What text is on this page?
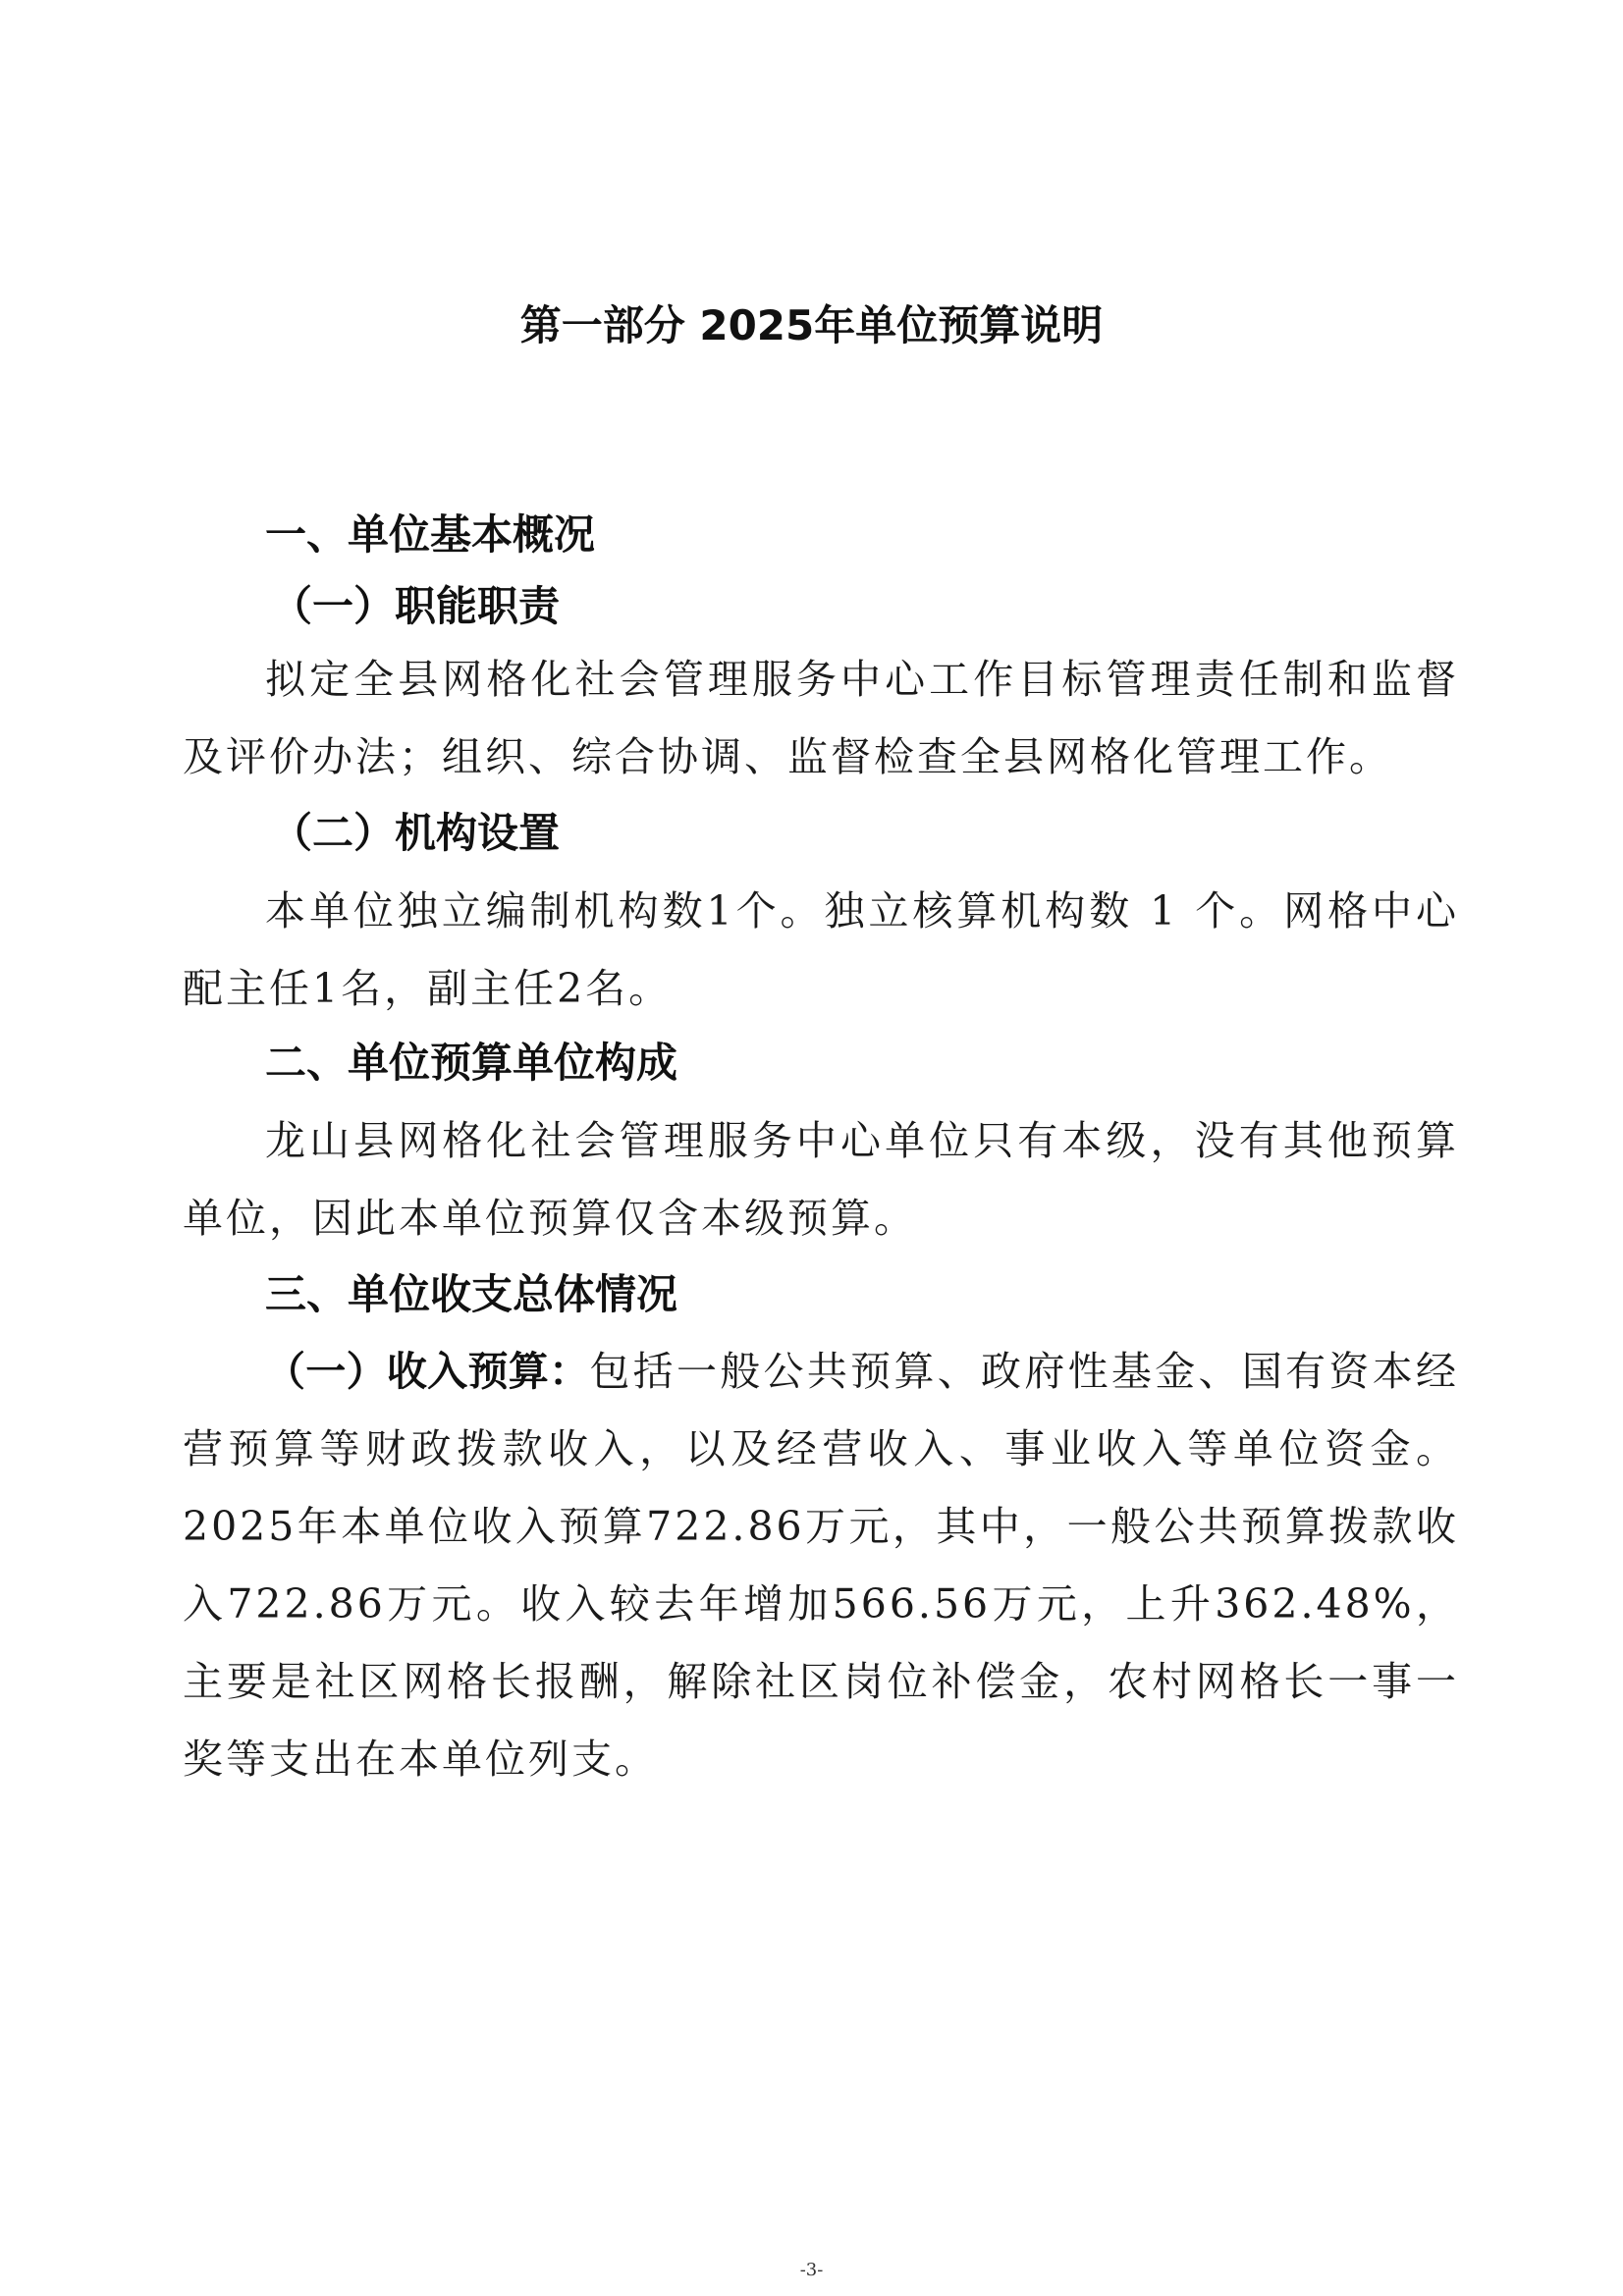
第一部分 2025年单位预算说明
一、单位基本概况
（一）职能职责

拟定全县网格化社会管理服务中心工作目标管理责任制和监督及评价办法；组织、综合协调、监督检查全县网格化管理工作。

（二）机构设置

本单位独立编制机构数1个。独立核算机构数 1 个。网格中心配主任1名，副主任2名。

二、单位预算单位构成

龙山县网格化社会管理服务中心单位只有本级，没有其他预算单位，因此本单位预算仅含本级预算。

三、单位收支总体情况

（一）收入预算：包括一般公共预算、政府性基金、国有资本经营预算等财政拨款收入，以及经营收入、事业收入等单位资金。2025年本单位收入预算722.86万元，其中，一般公共预算拨款收入722.86万元。收入较去年增加566.56万元，上升362.48%，主要是社区网格长报酬，解除社区岗位补偿金，农村网格长一事一奖等支出在本单位列支。

-3-
